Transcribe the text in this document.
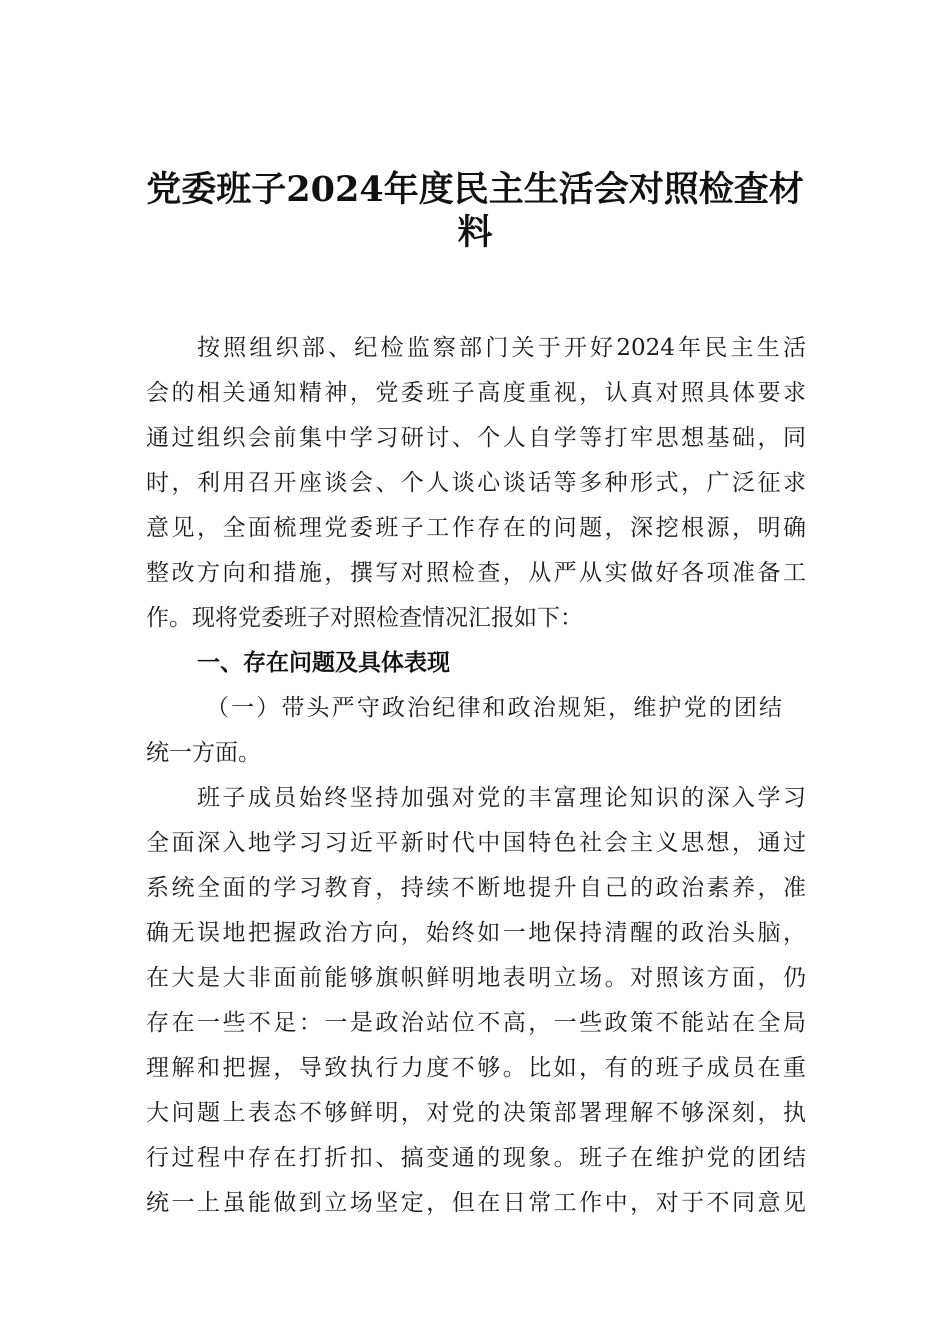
党委班子2024年度民主生活会对照检查材
料
按照组织部、纪检监察部门关于开好2024年民主生活
会的相关通知精神，党委班子高度重视，认真对照具体要求
通过组织会前集中学习研讨、个人自学等打牢思想基础，同
时，利用召开座谈会、个人谈心谈话等多种形式，广泛征求
意见，全面梳理党委班子工作存在的问题，深挖根源，明确
整改方向和措施，撰写对照检查，从严从实做好各项准备工
作。现将党委班子对照检查情况汇报如下：
一、存在问题及具体表现
（一）带头严守政治纪律和政治规矩，维护党的团结
统一方面。
班子成员始终坚持加强对党的丰富理论知识的深入学习
全面深入地学习习近平新时代中国特色社会主义思想，通过
系统全面的学习教育，持续不断地提升自己的政治素养，准
确无误地把握政治方向，始终如一地保持清醒的政治头脑，
在大是大非面前能够旗帜鲜明地表明立场。对照该方面，仍
存在一些不足：一是政治站位不高，一些政策不能站在全局
理解和把握，导致执行力度不够。比如，有的班子成员在重
大问题上表态不够鲜明，对党的决策部署理解不够深刻，执
行过程中存在打折扣、搞变通的现象。班子在维护党的团结
统一上虽能做到立场坚定，但在日常工作中，对于不同意见
